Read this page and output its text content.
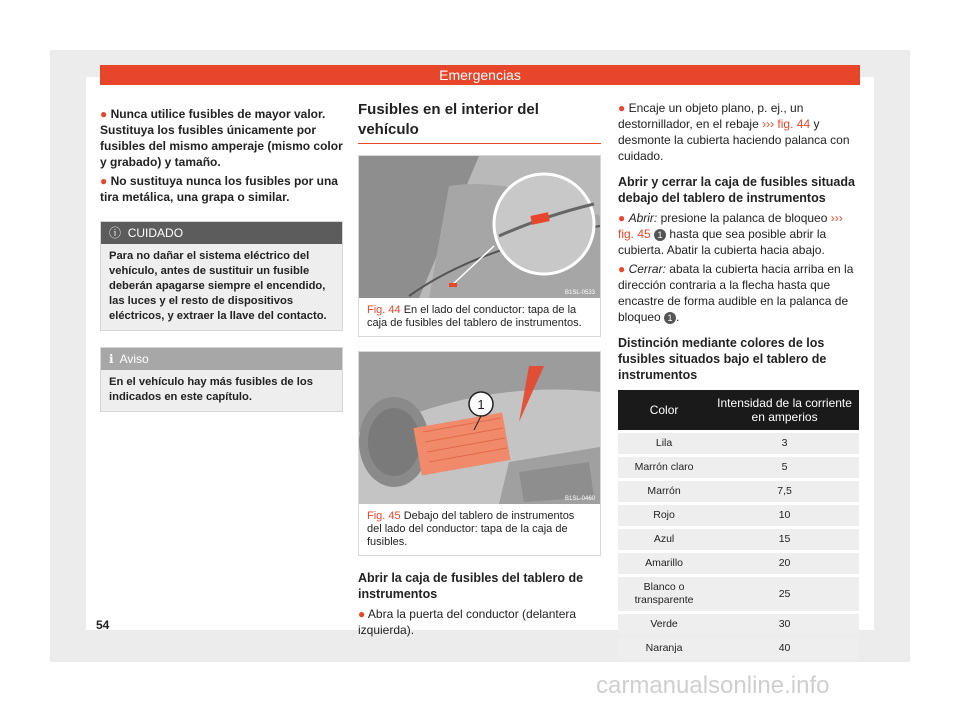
Emergencias

● Nunca utilice fusibles de mayor valor. Sustituya los fusibles únicamente por fusibles del mismo amperaje (mismo color y grabado) y tamaño.

● No sustituya nunca los fusibles por una tira metálica, una grapa o similar.

ⓘ CUIDADO
Para no dañar el sistema eléctrico del vehículo, antes de sustituir un fusible deberán apagarse siempre el encendido, las luces y el resto de dispositivos eléctricos, y extraer la llave del contacto.
ℹ Aviso
En el vehículo hay más fusibles de los indicados en este capítulo.
Fusibles en el interior del vehículo
B1SL-0533
Fig. 44 En el lado del conductor: tapa de la caja de fusibles del tablero de instrumentos.
1
B1SL-0460
Fig. 45 Debajo del tablero de instrumentos del lado del conductor: tapa de la caja de fusibles.
Abrir la caja de fusibles del tablero de instrumentos

● Abra la puerta del conductor (delantera izquierda).

● Encaje un objeto plano, p. ej., un destornillador, en el rebaje ››› fig. 44 y desmonte la cubierta haciendo palanca con cuidado.

Abrir y cerrar la caja de fusibles situada debajo del tablero de instrumentos

● Abrir: presione la palanca de bloqueo ››› fig. 45 1 hasta que sea posible abrir la cubierta. Abatir la cubierta hacia abajo.

● Cerrar: abata la cubierta hacia arriba en la dirección contraria a la flecha hasta que encastre de forma audible en la palanca de bloqueo 1 .

Distinción mediante colores de los fusibles situados bajo el tablero de instrumentos
Color	Intensidad de la corriente en amperios
Lila	3
Marrón claro	5
Marrón	7,5
Rojo	10
Azul	15
Amarillo	20
Blanco o transparente	25
Verde	30
Naranja	40
54
carmanualsonline.info
